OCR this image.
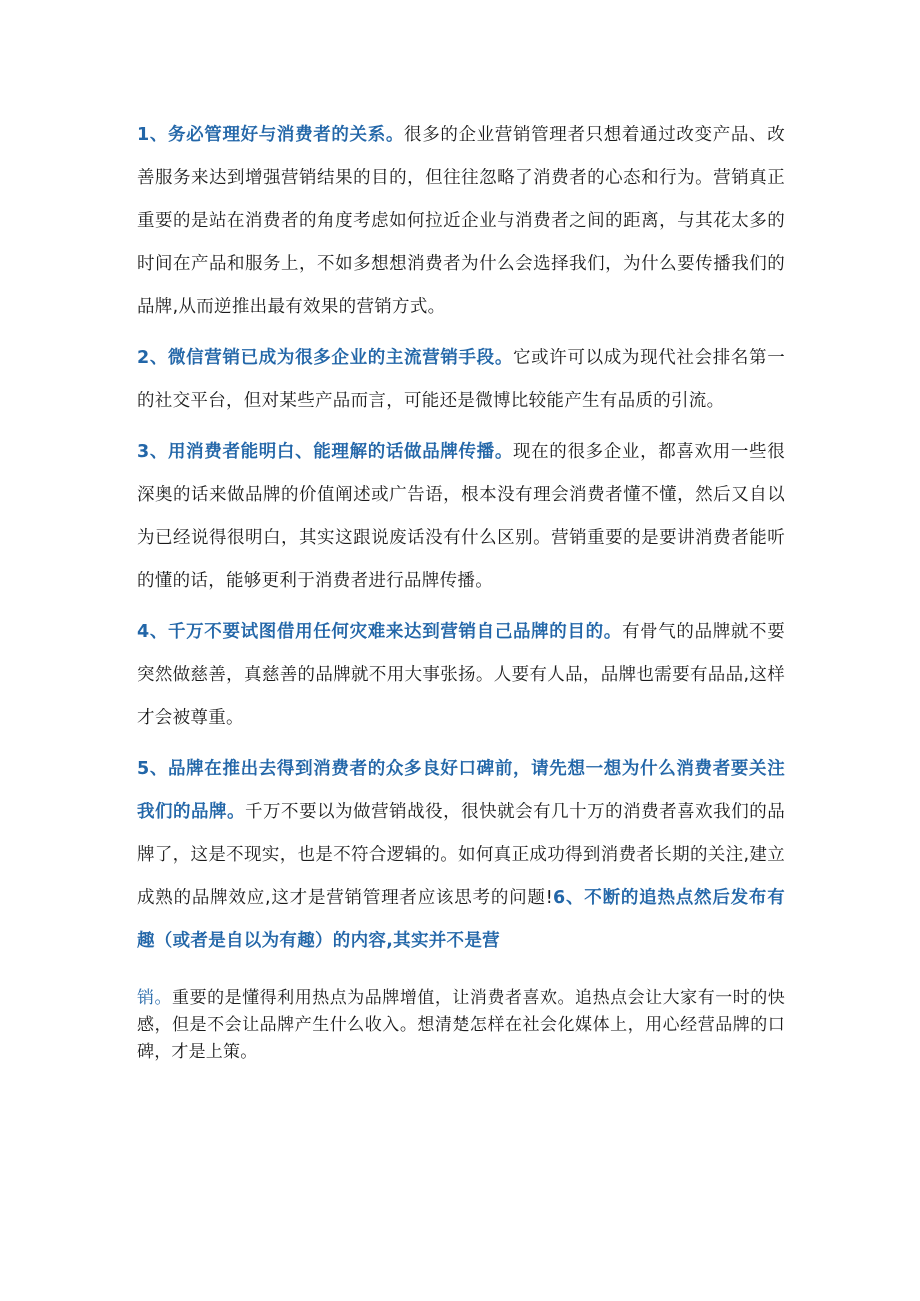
1、务必管理好与消费者的关系。很多的企业营销管理者只想着通过改变产品、改善服务来达到增强营销结果的目的，但往往忽略了消费者的心态和行为。营销真正重要的是站在消费者的角度考虑如何拉近企业与消费者之间的距离，与其花太多的时间在产品和服务上，不如多想想消费者为什么会选择我们，为什么要传播我们的品牌,从而逆推出最有效果的营销方式。

2、微信营销已成为很多企业的主流营销手段。它或许可以成为现代社会排名第一的社交平台，但对某些产品而言，可能还是微博比较能产生有品质的引流。

3、用消费者能明白、能理解的话做品牌传播。现在的很多企业，都喜欢用一些很深奥的话来做品牌的价值阐述或广告语，根本没有理会消费者懂不懂，然后又自以为已经说得很明白，其实这跟说废话没有什么区别。营销重要的是要讲消费者能听的懂的话，能够更利于消费者进行品牌传播。

4、千万不要试图借用任何灾难来达到营销自己品牌的目的。有骨气的品牌就不要突然做慈善，真慈善的品牌就不用大事张扬。人要有人品，品牌也需要有品品,这样才会被尊重。

5、品牌在推出去得到消费者的众多良好口碑前，请先想一想为什么消费者要关注我们的品牌。千万不要以为做营销战役，很快就会有几十万的消费者喜欢我们的品牌了，这是不现实，也是不符合逻辑的。如何真正成功得到消费者长期的关注,建立成熟的品牌效应,这才是营销管理者应该思考的问题!6、不断的追热点然后发布有趣（或者是自以为有趣）的内容,其实并不是营

销。重要的是懂得利用热点为品牌增值，让消费者喜欢。追热点会让大家有一时的快感，但是不会让品牌产生什么收入。想清楚怎样在社会化媒体上，用心经营品牌的口碑，才是上策。
